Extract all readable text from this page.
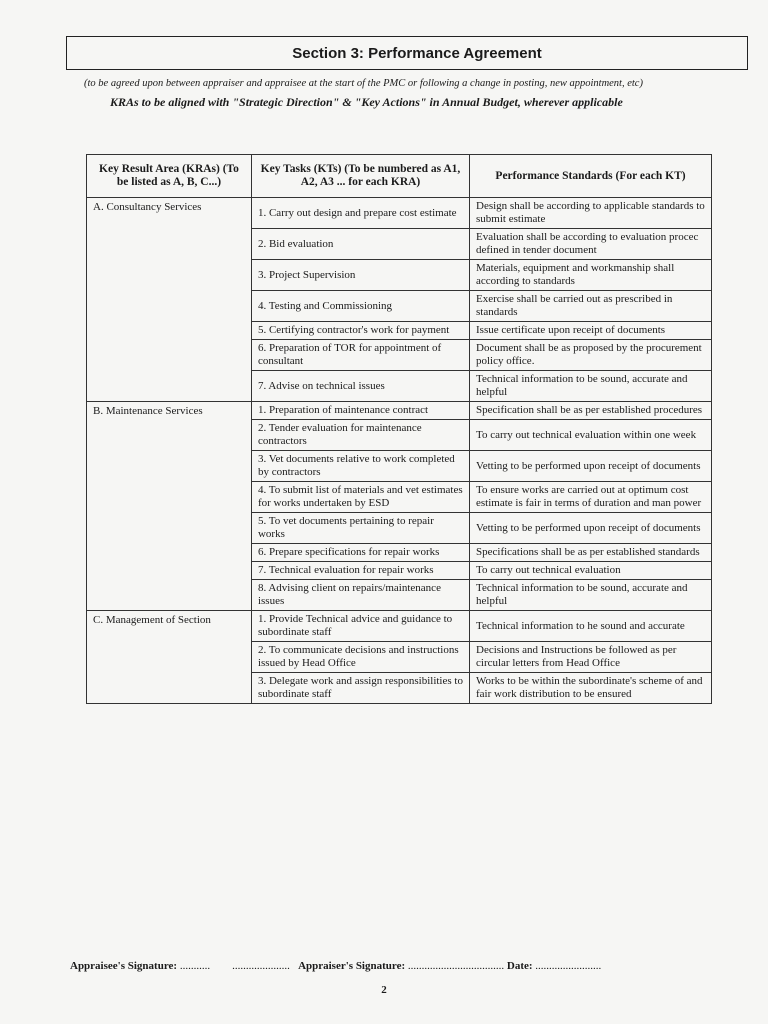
Section 3: Performance Agreement
(to be agreed upon between appraiser and appraisee at the start of the PMC or following a change in posting, new appointment, etc)
KRAs to be aligned with "Strategic Direction" & "Key Actions" in Annual Budget, wherever applicable
Key Result Area (KRAs) (To be listed as A, B, C...)	Key Tasks (KTs) (To be numbered as A1, A2, A3 ... for each KRA)	Performance Standards (For each KT)
A. Consultancy Services	1. Carry out design and prepare cost estimate	Design shall be according to applicable standards to submit estimate
	2. Bid evaluation	Evaluation shall be according to evaluation procec defined in tender document
	3. Project Supervision	Materials, equipment and workmanship shall according to standards
	4. Testing and Commissioning	Exercise shall be carried out as prescribed in standards
	5. Certifying contractor's work for payment	Issue certificate upon receipt of documents
	6. Preparation of TOR for appointment of consultant	Document shall be as proposed by the procurement policy office.
	7. Advise on technical issues	Technical information to be sound, accurate and helpful
B. Maintenance Services	1. Preparation of maintenance contract	Specification shall be as per established procedures
	2. Tender evaluation for maintenance contractors	To carry out technical evaluation within one week
	3. Vet documents relative to work completed by contractors	Vetting to be performed upon receipt of documents
	4. To submit list of materials and vet estimates for works undertaken by ESD	To ensure works are carried out at optimum cost estimate is fair in terms of duration and man power
	5. To vet documents pertaining to repair works	Vetting to be performed upon receipt of documents
	6. Prepare specifications for repair works	Specifications shall be as per established standards
	7. Technical evaluation for repair works	To carry out technical evaluation
	8. Advising client on repairs/maintenance issues	Technical information to be sound, accurate and helpful
C. Management of Section	1. Provide Technical advice and guidance to subordinate staff	Technical information to he sound and accurate
	2. To communicate decisions and instructions issued by Head Office	Decisions and Instructions be followed as per circular letters from Head Office
	3. Delegate work and assign responsibilities to subordinate staff	Works to be within the subordinate's scheme of and fair work distribution to be ensured
Appraisee's Signature: ...........        ..................... Appraiser's Signature: ................................... Date: ........................
2
